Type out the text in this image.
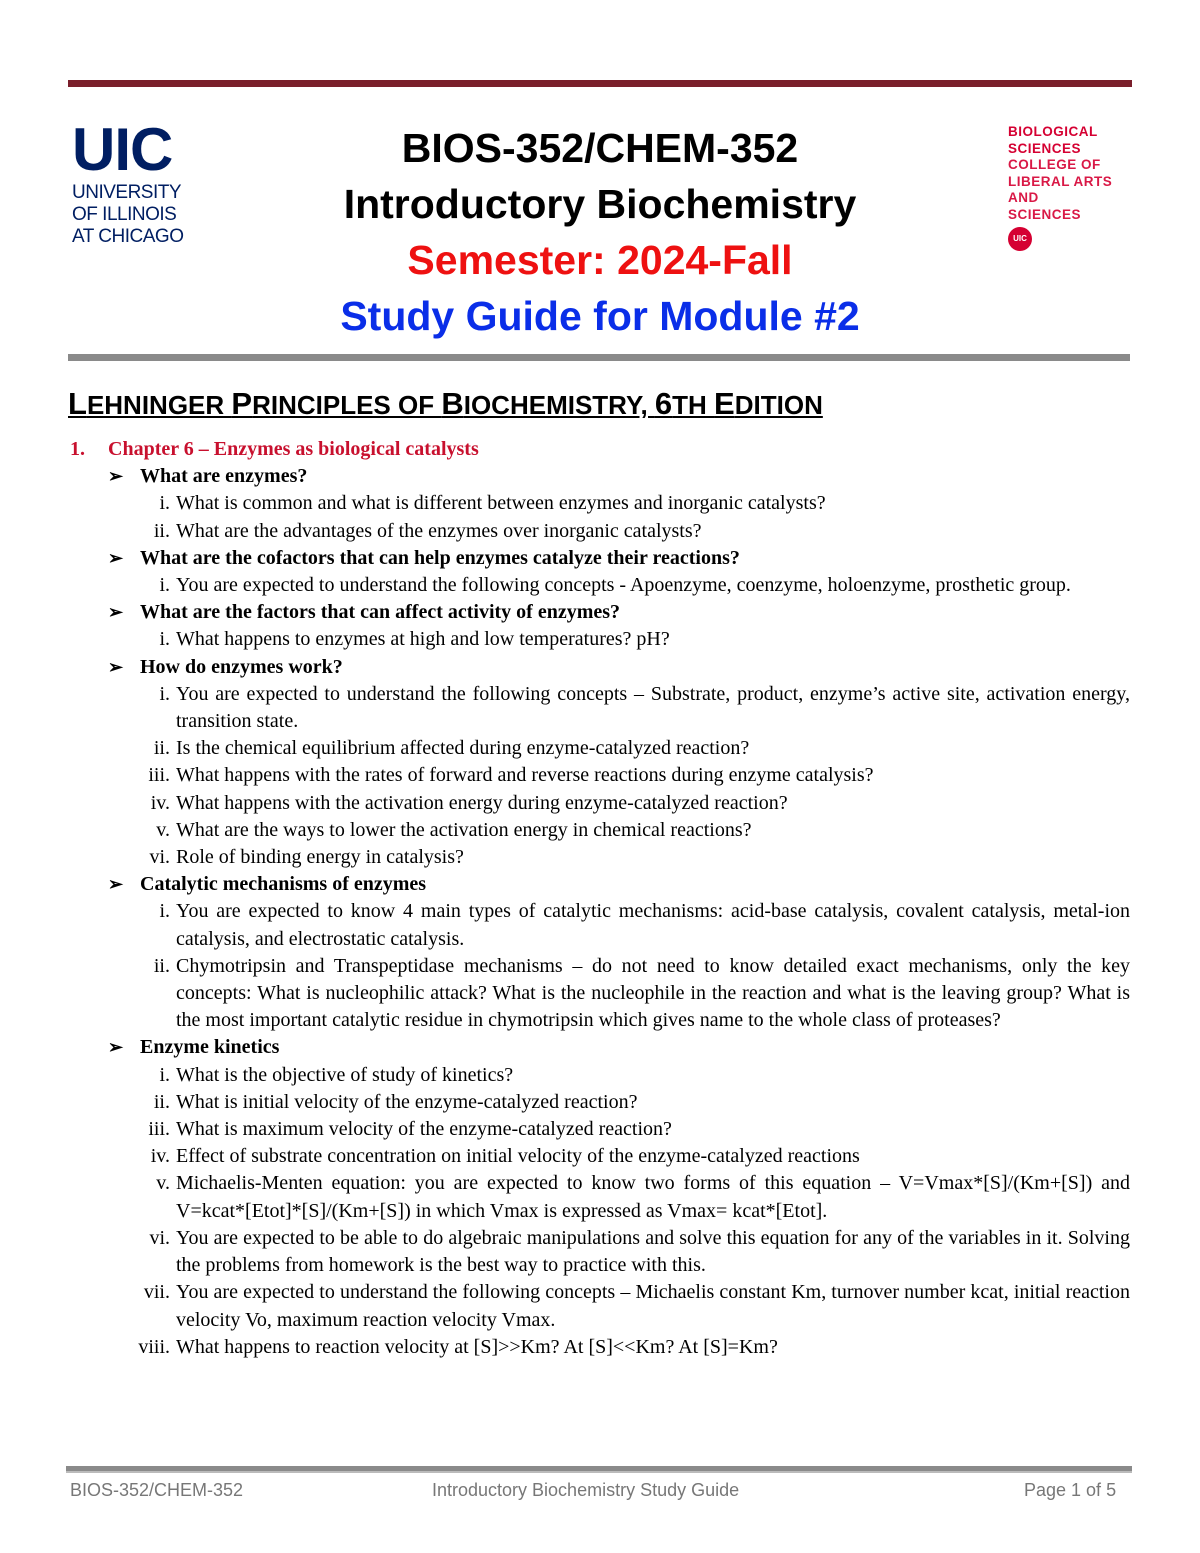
UIC
UNIVERSITY
OF ILLINOIS
AT CHICAGO
BIOS-352/CHEM-352
Introductory Biochemistry
Semester: 2024-Fall
Study Guide for Module #2
BIOLOGICAL
SCIENCES
COLLEGE OF
LIBERAL ARTS
AND
SCIENCES
UIC
LEHNINGER PRINCIPLES OF BIOCHEMISTRY, 6TH EDITION
1. Chapter 6 – Enzymes as biological catalysts
➢ What are enzymes?
i. What is common and what is different between enzymes and inorganic catalysts?
ii. What are the advantages of the enzymes over inorganic catalysts?
➢ What are the cofactors that can help enzymes catalyze their reactions?
i. You are expected to understand the following concepts - Apoenzyme, coenzyme, holoenzyme, prosthetic group.
➢ What are the factors that can affect activity of enzymes?
i. What happens to enzymes at high and low temperatures? pH?
➢ How do enzymes work?
i. You are expected to understand the following concepts – Substrate, product, enzyme’s active site, activation energy, transition state.
ii. Is the chemical equilibrium affected during enzyme-catalyzed reaction?
iii. What happens with the rates of forward and reverse reactions during enzyme catalysis?
iv. What happens with the activation energy during enzyme-catalyzed reaction?
v. What are the ways to lower the activation energy in chemical reactions?
vi. Role of binding energy in catalysis?
➢ Catalytic mechanisms of enzymes
i. You are expected to know 4 main types of catalytic mechanisms: acid-base catalysis, covalent catalysis, metal-ion catalysis, and electrostatic catalysis.
ii. Chymotripsin and Transpeptidase mechanisms – do not need to know detailed exact mechanisms, only the key concepts: What is nucleophilic attack? What is the nucleophile in the reaction and what is the leaving group? What is the most important catalytic residue in chymotripsin which gives name to the whole class of proteases?
➢ Enzyme kinetics
i. What is the objective of study of kinetics?
ii. What is initial velocity of the enzyme-catalyzed reaction?
iii. What is maximum velocity of the enzyme-catalyzed reaction?
iv. Effect of substrate concentration on initial velocity of the enzyme-catalyzed reactions
v. Michaelis-Menten equation: you are expected to know two forms of this equation – V=Vmax*[S]/(Km+[S]) and V=kcat*[Etot]*[S]/(Km+[S]) in which Vmax is expressed as Vmax= kcat*[Etot].
vi. You are expected to be able to do algebraic manipulations and solve this equation for any of the variables in it. Solving the problems from homework is the best way to practice with this.
vii. You are expected to understand the following concepts – Michaelis constant Km, turnover number kcat, initial reaction velocity Vo, maximum reaction velocity Vmax.
viii. What happens to reaction velocity at [S]>>Km? At [S]<<Km? At [S]=Km?
BIOS-352/CHEM-352	Introductory Biochemistry Study Guide	Page 1 of 5
